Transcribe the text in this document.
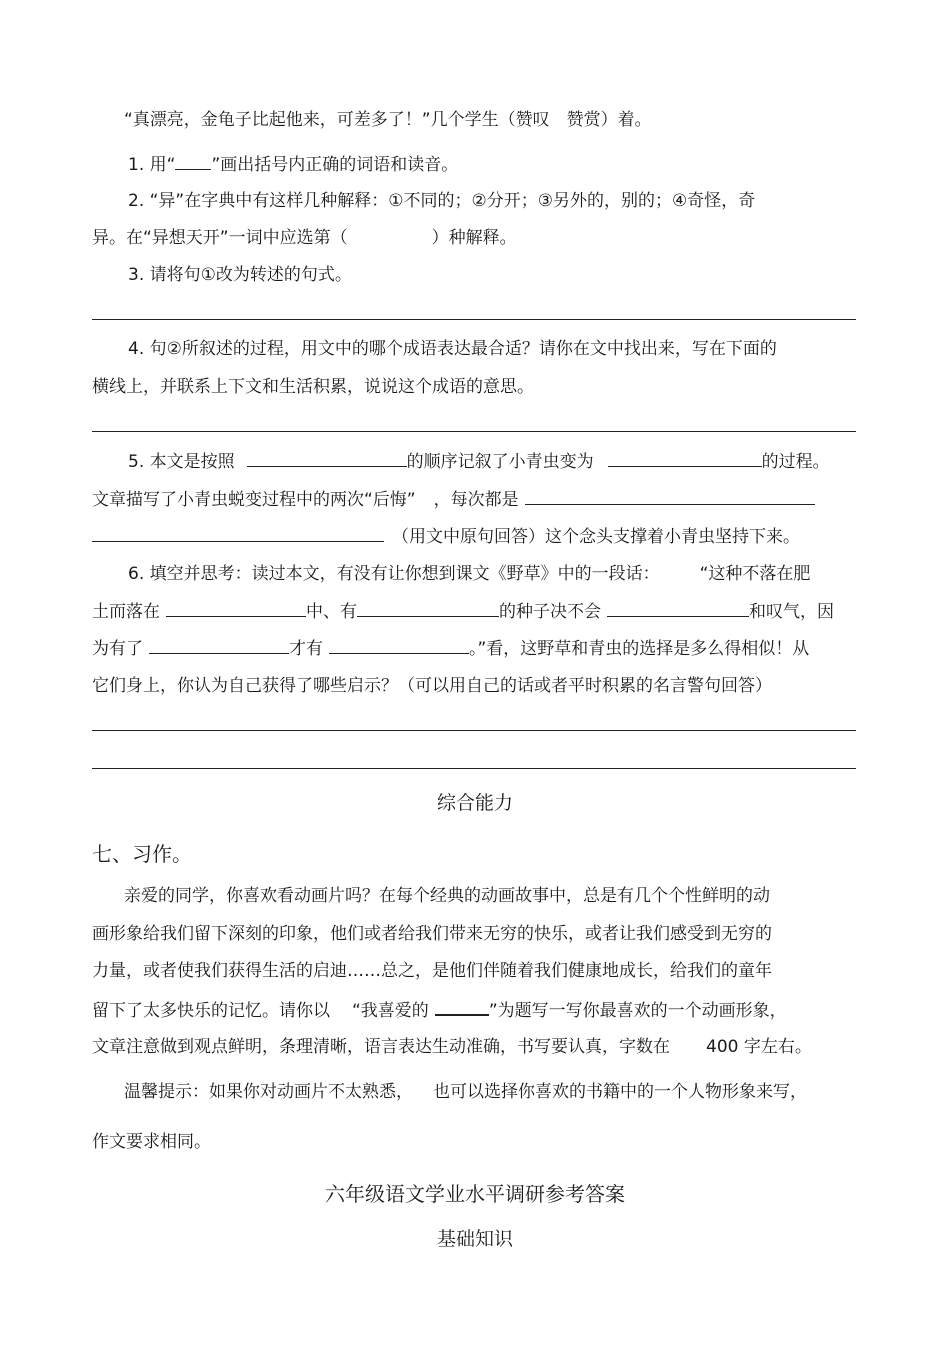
“真漂亮，金龟子比起他来，可差多了！”几个学生（赞叹　赞赏）着。
1. 用“ ”画出括号内正确的词语和读音。
2. “异”在字典中有这样几种解释：①不同的；②分开；③另外的，别的；④奇怪，奇
异。在“异想天开”一词中应选第（	）种解释。
3. 请将句①改为转述的句式。
4. 句②所叙述的过程，用文中的哪个成语表达最合适？请你在文中找出来，写在下面的
横线上，并联系上下文和生活积累，说说这个成语的意思。
5. 本文是按照	的顺序记叙了小青虫变为	的过程。
文章描写了小青虫蜕变过程中的两次“后悔” ，每次都是
（用文中原句回答）这个念头支撑着小青虫坚持下来。
6. 填空并思考：读过本文，有没有让你想到课文《野草》中的一段话： “这种不落在肥
土而落在	中、有	的种子决不会	和叹气，因
为有了	才有	。”看，这野草和青虫的选择是多么得相似！从
它们身上，你认为自己获得了哪些启示？（可以用自己的话或者平时积累的名言警句回答）
综合能力
七、习作。
亲爱的同学，你喜欢看动画片吗？在每个经典的动画故事中，总是有几个个性鲜明的动
画形象给我们留下深刻的印象，他们或者给我们带来无穷的快乐，或者让我们感受到无穷的
力量，或者使我们获得生活的启迪……总之，是他们伴随着我们健康地成长，给我们的童年
留下了太多快乐的记忆。请你以 “我喜爱的	”为题写一写你最喜欢的一个动画形象，
文章注意做到观点鲜明，条理清晰，语言表达生动准确，书写要认真，字数在 400 字左右。
温馨提示：如果你对动画片不太熟悉， 也可以选择你喜欢的书籍中的一个人物形象来写，
作文要求相同。
六年级语文学业水平调研参考答案
基础知识
